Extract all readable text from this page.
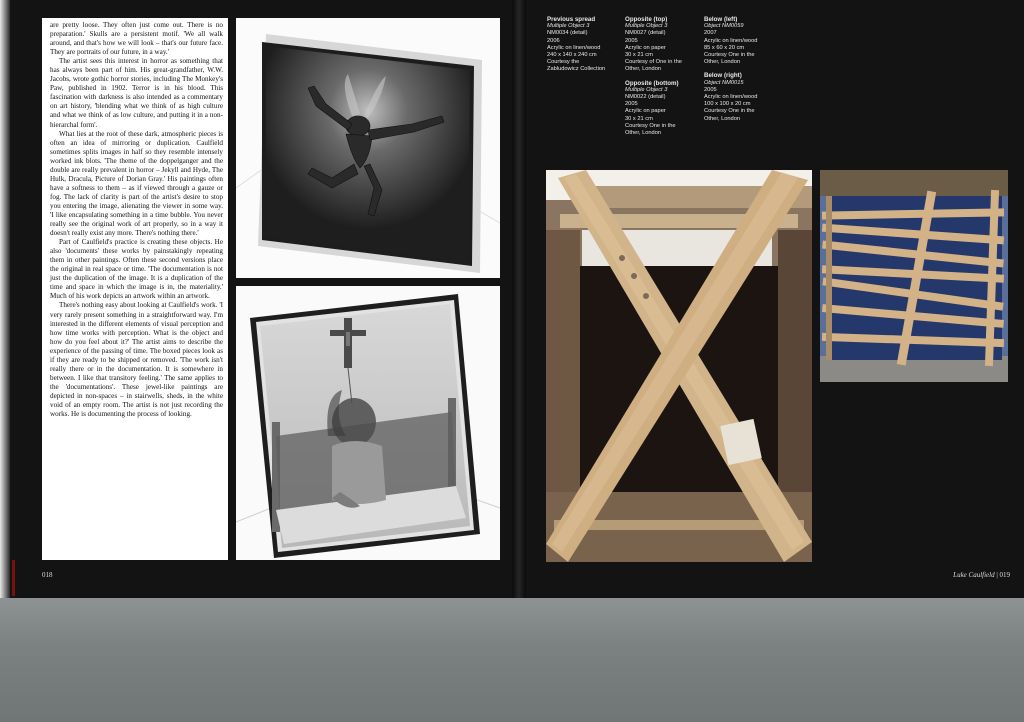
are pretty loose. They often just come out. There is no preparation.' Skulls are a persistent motif. 'We all walk around, and that's how we will look – that's our future face. They are portraits of our future, in a way.'

The artist sees this interest in horror as something that has always been part of him. His great-grandfather, W.W. Jacobs, wrote gothic horror stories, including The Monkey's Paw, published in 1902. Terror is in his blood. This fascination with darkness is also intended as a commentary on art history, 'blending what we think of as high culture and what we think of as low culture, and putting it in a non-hierarchal form'.

What lies at the root of these dark, atmospheric pieces is often an idea of mirroring or duplication. Caulfield sometimes splits images in half so they resemble intensely worked ink blots. 'The theme of the doppelganger and the double are really prevalent in horror – Jekyll and Hyde, The Hulk, Dracula, Picture of Dorian Gray.' His paintings often have a softness to them – as if viewed through a gauze or fog. The lack of clarity is part of the artist's desire to stop you entering the image, alienating the viewer in some way. 'I like encapsulating something in a time bubble. You never really see the original work of art properly, so in a way it doesn't really exist any more. There's nothing there.'

Part of Caulfield's practice is creating these objects. He also 'documents' these works by painstakingly repeating them in other paintings. Often these second versions place the original in real space or time. 'The documentation is not just the duplication of the image. It is a duplication of the time and space in which the image is in, the materiality.' Much of his work depicts an artwork within an artwork.

There's nothing easy about looking at Caulfield's work. 'I very rarely present something in a straightforward way. I'm interested in the different elements of visual perception and how time works with perception. What is the object and how do you feel about it?' The artist aims to describe the experience of the passing of time. The boxed pieces look as if they are ready to be shipped or removed. 'The work isn't really there or in the documentation. It is somewhere in between. I like that transitory feeling.' The same applies to the 'documentations'. These jewel-like paintings are depicted in non-spaces – in stairwells, sheds, in the white void of an empty room. The artist is not just recording the works. He is documenting the process of looking.

018
Previous spread
Multiple Object 3
NM0034 (detail)
2006
Acrylic on linen/wood
240 x 140 x 240 cm
Courtesy the
Zabludowicz Collection
Opposite (top)
Multiple Object 3
NM0027 (detail)
2005
Acrylic on paper
30 x 21 cm
Courtesy of One in the
Other, London
Opposite (bottom)
Multiple Object 3
NM0022 (detail)
2005
Acrylic on paper
30 x 21 cm
Courtesy One in the
Other, London
Below (left)
Object NM0059
2007
Acrylic on linen/wood
85 x 60 x 20 cm
Courtesy One in the
Other, London
Below (right)
Object NM0015
2005
Acrylic on linen/wood
100 x 100 x 20 cm
Courtesy One in the
Other, London
Luke Caulfield | 019
